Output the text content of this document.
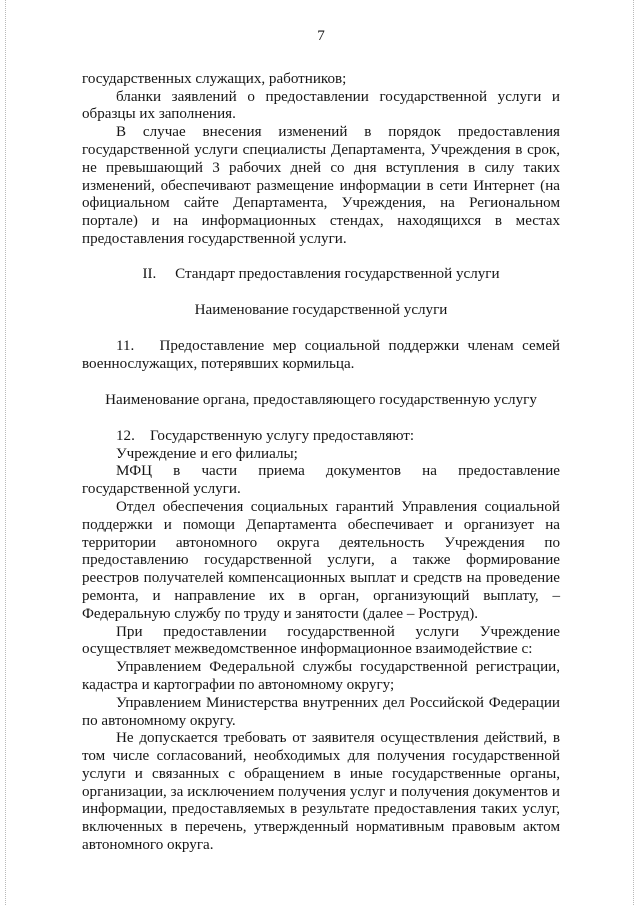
7

государственных служащих, работников;

бланки заявлений о предоставлении государственной услуги и образцы их заполнения.

В случае внесения изменений в порядок предоставления государственной услуги специалисты Департамента, Учреждения в срок, не превышающий 3 рабочих дней со дня вступления в силу таких изменений, обеспечивают размещение информации в сети Интернет (на официальном сайте Департамента, Учреждения, на Региональном портале) и на информационных стендах, находящихся в местах предоставления государственной услуги.

II.     Стандарт предоставления государственной услуги

Наименование государственной услуги

11.   Предоставление мер социальной поддержки членам семей военнослужащих, потерявших кормильца.

Наименование органа, предоставляющего государственную услугу

12.    Государственную услугу предоставляют:

Учреждение и его филиалы;

МФЦ в части приема документов на предоставление государственной услуги.

Отдел обеспечения социальных гарантий Управления социальной поддержки и помощи Департамента обеспечивает и организует на территории автономного округа деятельность Учреждения по предоставлению государственной услуги, а также формирование реестров получателей компенсационных выплат и средств на проведение ремонта, и направление их в орган, организующий выплату, – Федеральную службу по труду и занятости (далее – Роструд).

При предоставлении государственной услуги Учреждение осуществляет межведомственное информационное взаимодействие с:

Управлением Федеральной службы государственной регистрации, кадастра и картографии по автономному округу;

Управлением Министерства внутренних дел Российской Федерации по автономному округу.

Не допускается требовать от заявителя осуществления действий, в том числе согласований, необходимых для получения государственной услуги и связанных с обращением в иные государственные органы, организации, за исключением получения услуг и получения документов и информации, предоставляемых в результате предоставления таких услуг, включенных в перечень, утвержденный нормативным правовым актом автономного округа.
